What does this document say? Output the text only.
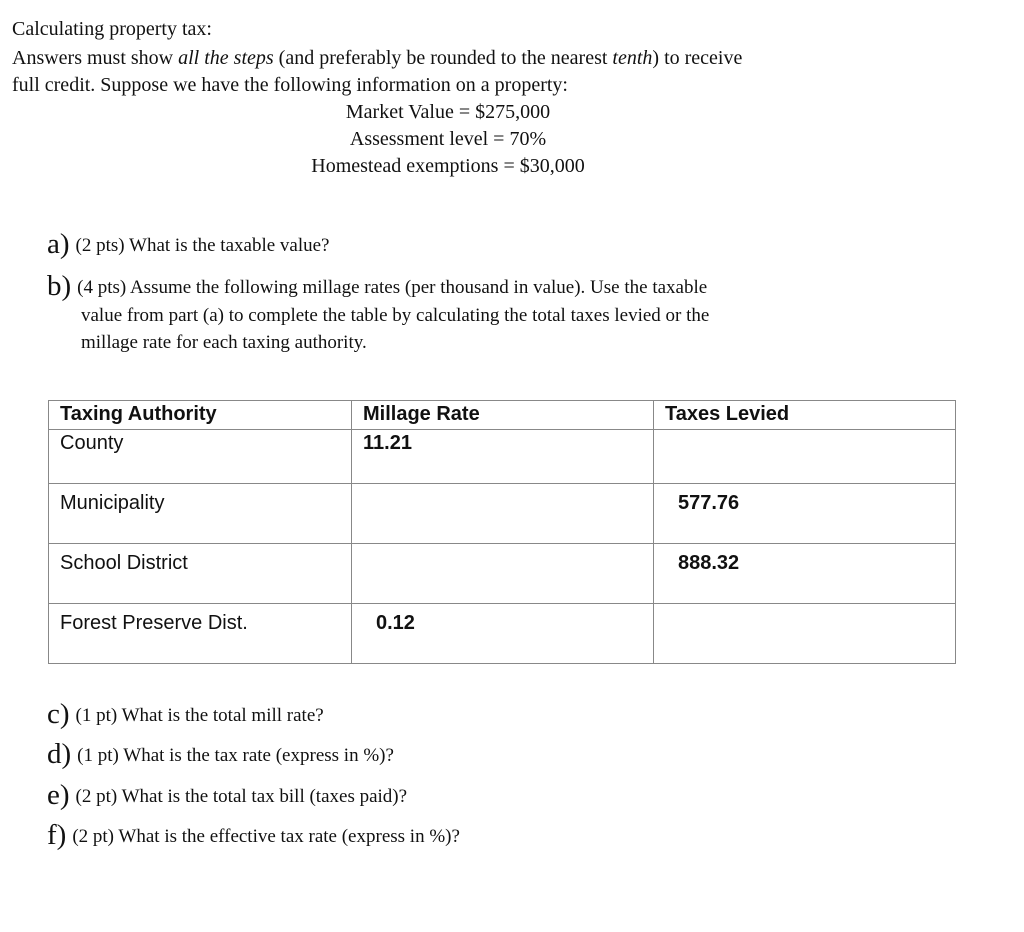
Calculating property tax:
Answers must show all the steps (and preferably be rounded to the nearest tenth) to receive
full credit. Suppose we have the following information on a property:
Market Value = $275,000
Assessment level = 70%
Homestead exemptions = $30,000
a) (2 pts) What is the taxable value?
b) (4 pts) Assume the following millage rates (per thousand in value). Use the taxable
value from part (a) to complete the table by calculating the total taxes levied or the
millage rate for each taxing authority.
Taxing Authority	Millage Rate	Taxes Levied
County	11.21	
Municipality		577.76
School District		888.32
Forest Preserve Dist.	0.12	
c) (1 pt) What is the total mill rate?
d) (1 pt) What is the tax rate (express in %)?
e) (2 pt) What is the total tax bill (taxes paid)?
f) (2 pt) What is the effective tax rate (express in %)?
